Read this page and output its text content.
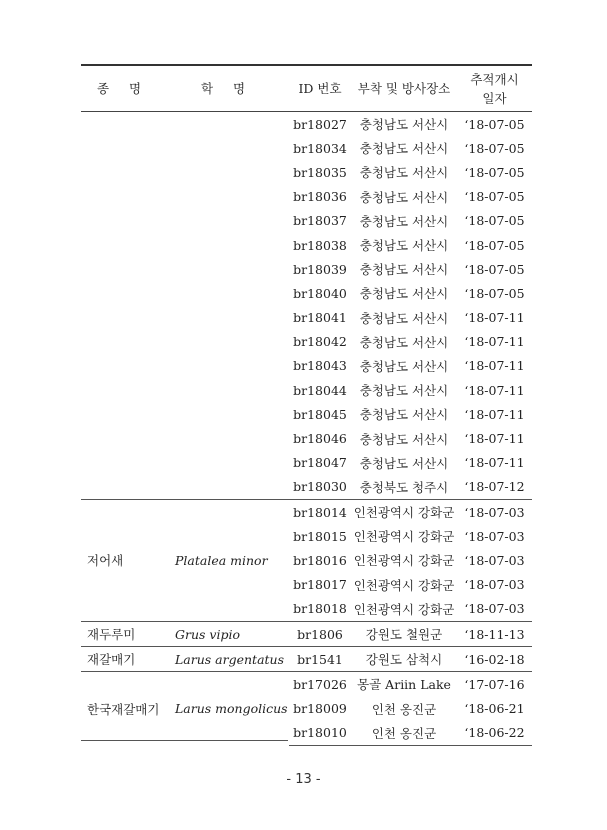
종 명	학 명	ID 번호	부착 및 방사장소	추적개시
일자

		br18027	충청남도 서산시	‘18-07-05
		br18034	충청남도 서산시	‘18-07-05
		br18035	충청남도 서산시	‘18-07-05
		br18036	충청남도 서산시	‘18-07-05
		br18037	충청남도 서산시	‘18-07-05
		br18038	충청남도 서산시	‘18-07-05
		br18039	충청남도 서산시	‘18-07-05
		br18040	충청남도 서산시	‘18-07-05
		br18041	충청남도 서산시	‘18-07-11
		br18042	충청남도 서산시	‘18-07-11
		br18043	충청남도 서산시	‘18-07-11
		br18044	충청남도 서산시	‘18-07-11
		br18045	충청남도 서산시	‘18-07-11
		br18046	충청남도 서산시	‘18-07-11
		br18047	충청남도 서산시	‘18-07-11
		br18030	충청북도 청주시	‘18-07-12
저어새	Platalea minor	br18014	인천광역시 강화군	‘18-07-03
		br18015	인천광역시 강화군	‘18-07-03
		br18016	인천광역시 강화군	‘18-07-03
		br18017	인천광역시 강화군	‘18-07-03
		br18018	인천광역시 강화군	‘18-07-03
재두루미	Grus vipio	br1806	강원도 철원군	‘18-11-13
재갈매기	Larus argentatus	br1541	강원도 삼척시	‘16-02-18
한국재갈매기	Larus mongolicus	br17026	몽골 Ariin Lake	‘17-07-16
		br18009	인천 옹진군	‘18-06-21
		br18010	인천 옹진군	‘18-06-22
- 13 -
